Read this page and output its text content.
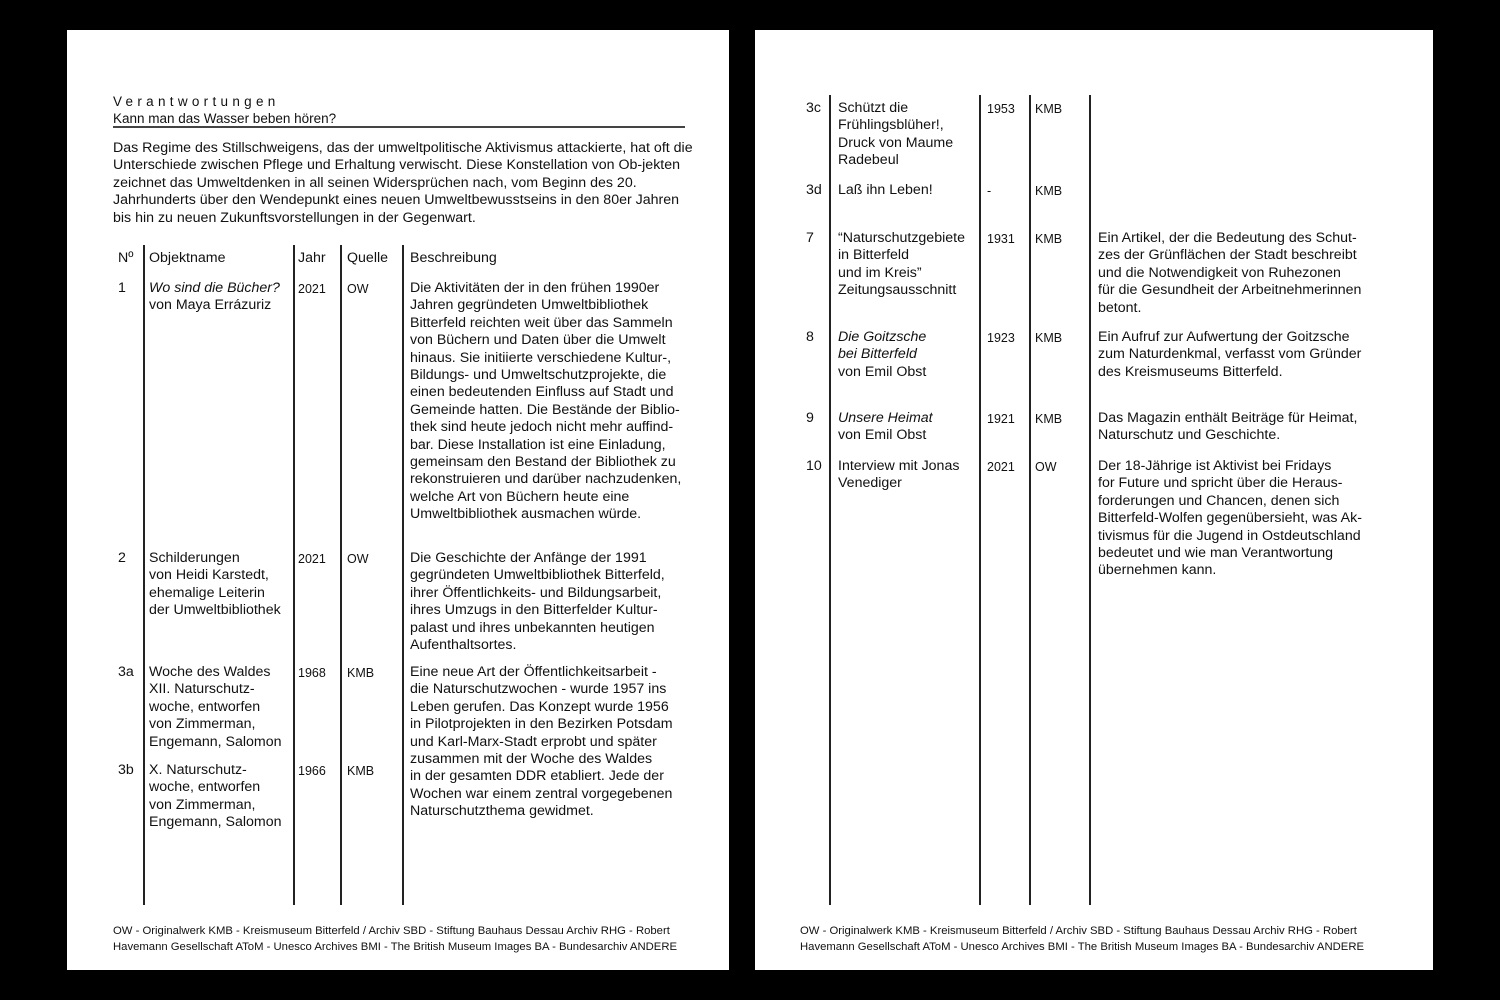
Verantwortungen
Kann man das Wasser beben hören?
Das Regime des Stillschweigens, das der umweltpolitische Aktivismus attackierte, hat oft die Unterschiede zwischen Pflege und Erhaltung verwischt. Diese Konstellation von Ob-jekten zeichnet das Umweltdenken in all seinen Widersprüchen nach, vom Beginn des 20. Jahrhunderts über den Wendepunkt eines neuen Umweltbewusstseins in den 80er Jahren bis hin zu neuen Zukunftsvorstellungen in der Gegenwart.
Nº Objektname	Jahr Quelle Beschreibung
1 Wo sind die Bücher?
von Maya Errázuriz
2021 OW	Die Aktivitäten der in den frühen 1990er
Jahren gegründeten Umweltbibliothek
Bitterfeld reichten weit über das Sammeln
von Büchern und Daten über die Umwelt
hinaus. Sie initiierte verschiedene Kultur-,
Bildungs- und Umweltschutzprojekte, die
einen bedeutenden Einfluss auf Stadt und
Gemeinde hatten. Die Bestände der Biblio-
thek sind heute jedoch nicht mehr auffind-
bar. Diese Installation ist eine Einladung,
gemeinsam den Bestand der Bibliothek zu
rekonstruieren und darüber nachzudenken,
welche Art von Büchern heute eine
Umweltbibliothek ausmachen würde.
2 Schilderungen
von Heidi Karstedt,
ehemalige Leiterin
der Umweltbibliothek
2021 OW	Die Geschichte der Anfänge der 1991
gegründeten Umweltbibliothek Bitterfeld,
ihrer Öffentlichkeits- und Bildungsarbeit,
ihres Umzugs in den Bitterfelder Kultur-
palast und ihres unbekannten heutigen
Aufenthaltsortes.
3a Woche des Waldes
XII. Naturschutz-
woche, entworfen
von Zimmerman,
Engemann, Salomon
1968 KMB	Eine neue Art der Öffentlichkeitsarbeit -
die Naturschutzwochen - wurde 1957 ins
Leben gerufen. Das Konzept wurde 1956
in Pilotprojekten in den Bezirken Potsdam
und Karl-Marx-Stadt erprobt und später
zusammen mit der Woche des Waldes
in der gesamten DDR etabliert. Jede der
Wochen war einem zentral vorgegebenen
Naturschutzthema gewidmet.
3b X. Naturschutz-
woche, entworfen
von Zimmerman,
Engemann, Salomon
1966 KMB
OW - Originalwerk KMB - Kreismuseum Bitterfeld / Archiv SBD - Stiftung Bauhaus Dessau Archiv RHG - Robert
Havemann Gesellschaft AToM - Unesco Archives BMI - The British Museum Images BA - Bundesarchiv ANDERE
3c Schützt die
Frühlingsblüher!,
Druck von Maume
Radebeul
1953 KMB
3d Laß ihn Leben!	-	KMB
7 “Naturschutzgebiete
in Bitterfeld
und im Kreis”
Zeitungsausschnitt
1931 KMB	Ein Artikel, der die Bedeutung des Schut-
zes der Grünflächen der Stadt beschreibt
und die Notwendigkeit von Ruhezonen
für die Gesundheit der Arbeitnehmerinnen
betont.
8 Die Goitzsche
bei Bitterfeld
von Emil Obst
1923 KMB	Ein Aufruf zur Aufwertung der Goitzsche
zum Naturdenkmal, verfasst vom Gründer
des Kreismuseums Bitterfeld.
9 Unsere Heimat
von Emil Obst
1921 KMB	Das Magazin enthält Beiträge für Heimat,
Naturschutz und Geschichte.
10 Interview mit Jonas
Venediger
2021 OW	Der 18-Jährige ist Aktivist bei Fridays
for Future und spricht über die Heraus-
forderungen und Chancen, denen sich
Bitterfeld-Wolfen gegenübersieht, was Ak-
tivismus für die Jugend in Ostdeutschland
bedeutet und wie man Verantwortung
übernehmen kann.
OW - Originalwerk KMB - Kreismuseum Bitterfeld / Archiv SBD - Stiftung Bauhaus Dessau Archiv RHG - Robert
Havemann Gesellschaft AToM - Unesco Archives BMI - The British Museum Images BA - Bundesarchiv ANDERE
